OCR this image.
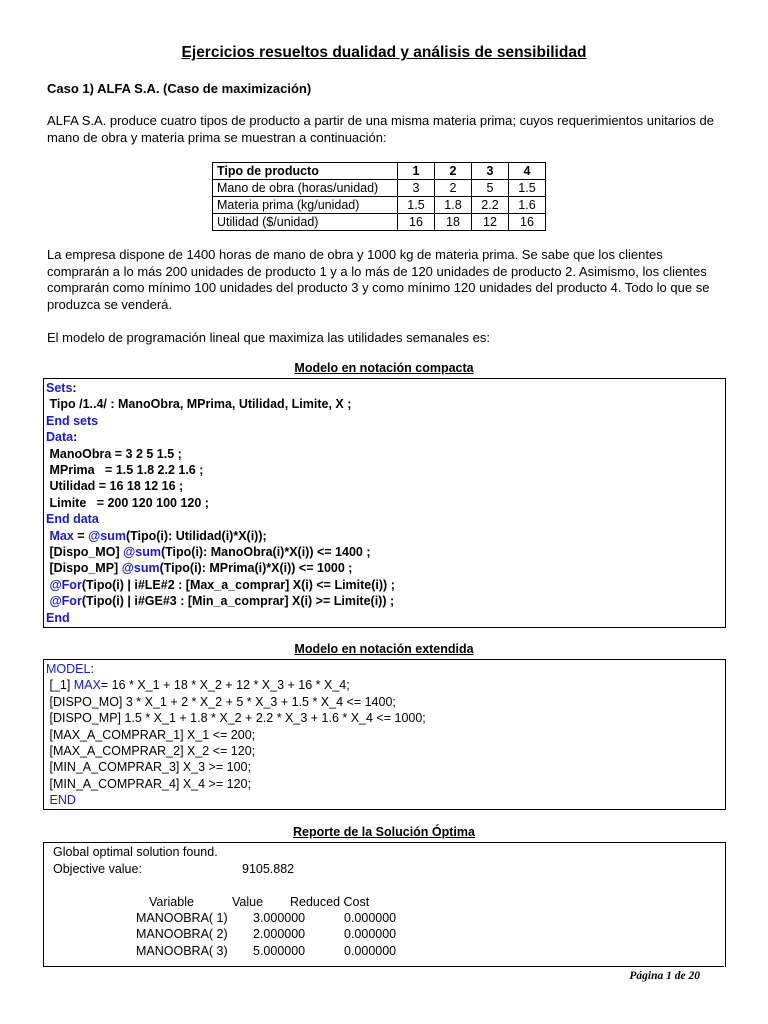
Ejercicios resueltos dualidad y análisis de sensibilidad
Caso 1) ALFA S.A. (Caso de maximización)
ALFA S.A. produce cuatro tipos de producto a partir de una misma materia prima; cuyos requerimientos unitarios de mano de obra y materia prima se muestran a continuación:
Tipo de producto	1	2	3	4
Mano de obra (horas/unidad)	3	2	5	1.5
Materia prima (kg/unidad)	1.5	1.8	2.2	1.6
Utilidad ($/unidad)	16	18	12	16
La empresa dispone de 1400 horas de mano de obra y 1000 kg de materia prima. Se sabe que los clientes comprarán a lo más 200 unidades de producto 1 y a lo más de 120 unidades de producto 2. Asimismo, los clientes comprarán como mínimo 100 unidades del producto 3 y como mínimo 120 unidades del producto 4. Todo lo que se produzca se venderá.
El modelo de programación lineal que maximiza las utilidades semanales es:
Modelo en notación compacta
Sets:
Tipo /1..4/ : ManoObra, MPrima, Utilidad, Limite, X ;
End sets
Data:
ManoObra = 3 2 5 1.5 ;
MPrima   = 1.5 1.8 2.2 1.6 ;
Utilidad = 16 18 12 16 ;
Limite   = 200 120 100 120 ;
End data
Max = @sum(Tipo(i): Utilidad(i)*X(i));
[Dispo_MO] @sum(Tipo(i): ManoObra(i)*X(i)) <= 1400 ;
[Dispo_MP] @sum(Tipo(i): MPrima(i)*X(i)) <= 1000 ;
@For(Tipo(i) | i#LE#2 : [Max_a_comprar] X(i) <= Limite(i)) ;
@For(Tipo(i) | i#GE#3 : [Min_a_comprar] X(i) >= Limite(i)) ;
End
Modelo en notación extendida
MODEL:
[_1] MAX= 16 * X_1 + 18 * X_2 + 12 * X_3 + 16 * X_4;
[DISPO_MO] 3 * X_1 + 2 * X_2 + 5 * X_3 + 1.5 * X_4 <= 1400;
[DISPO_MP] 1.5 * X_1 + 1.8 * X_2 + 2.2 * X_3 + 1.6 * X_4 <= 1000;
[MAX_A_COMPRAR_1] X_1 <= 200;
[MAX_A_COMPRAR_2] X_2 <= 120;
[MIN_A_COMPRAR_3] X_3 >= 100;
[MIN_A_COMPRAR_4] X_4 >= 120;
END
Reporte de la Solución Óptima
Global optimal solution found.
Objective value:	9105.882
Variable	Value Reduced Cost
MANOOBRA( 1) 3.000000	0.000000
MANOOBRA( 2) 2.000000	0.000000
MANOOBRA( 3) 5.000000	0.000000
Página 1 de 20
